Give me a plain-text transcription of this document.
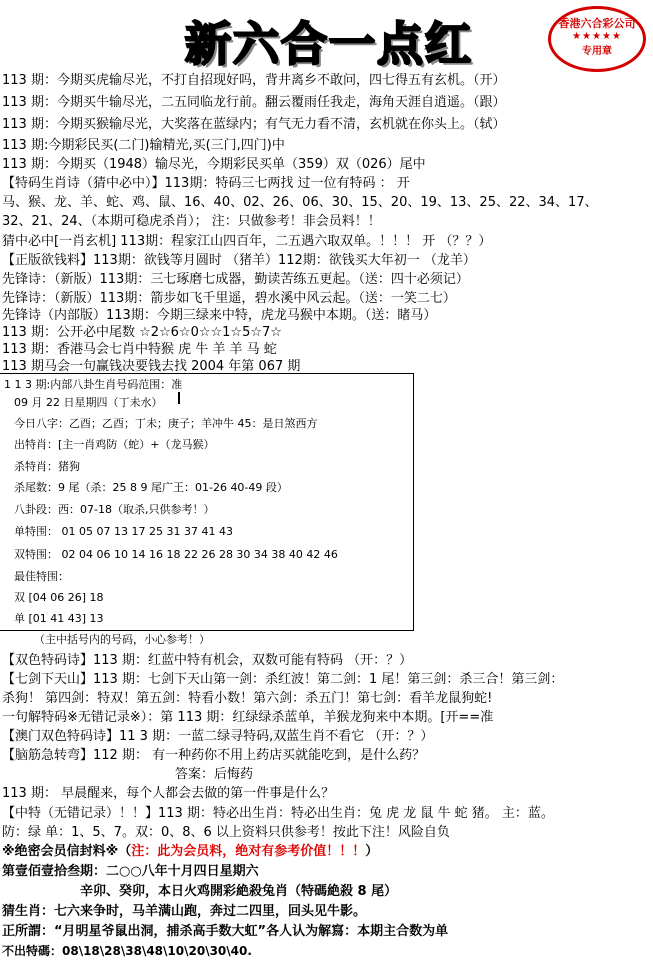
新六合一点红	香港六合彩公司
★★★★★
专用章
113 期：今期买虎输尽光，不打自招现好吗，背井离乡不敢问，四七得五有玄机。（开）
113 期：今期买牛输尽光，二五同临龙行前。翻云覆雨任我走，海角天涯自逍遥。（跟）
113 期：今期买猴输尽光，大奖落在蓝绿内；有气无力看不清，玄机就在你头上。（轼）
113 期:今期彩民买(二门)输精光,买(三门,四门)中
113 期：今期买（1948）输尽光，今期彩民买单（359）双（026）尾中
【特码生肖诗（猜中必中）】113期：特码三七两找 过一位有特码 ： 开
马、猴、龙、羊、蛇、鸡、鼠、16、40、02、26、06、30、15、20、19、13、25、22、34、17、
32、21、24、（本期可稳虎杀肖）； 注：只做参考！非会员料！！
猜中必中[一肖玄机] 113期：程家江山四百年，二五遇六取双单。！！！ 开 （？？）
【正版欲钱料】113期：欲钱等月圆时 （猪羊）112期：欲钱买大年初一 （龙羊）
先锋诗：（新版）113期：三七琢磨七成器，勤读苦练五更起。（送：四十必须记）
先锋诗：（新版）113期：箭步如飞千里遥，碧水溪中风云起。（送：一笑二七）
先锋诗（内部版）113期：今期三绿来中特，虎龙马猴中本期。（送：睹马）
113 期：公开必中尾数 ☆2☆6☆0☆☆1☆5☆7☆
113 期：香港马会七肖中特猴 虎 牛 羊 羊 马 蛇
113 期马会一句赢钱决要钱去找 2004 年第 067 期
1 1 3 期:内部八卦生肖号码范围：准
09 月 22 日星期四（丁未水）
今日八字：乙酉；乙酉；丁未；庚子；羊冲牛 45：是日煞西方
出特肖：[主一肖鸡防（蛇）+（龙马猴）
杀特肖：猪狗
杀尾数：9 尾（杀：25 8 9 尾广王：01-26 40-49 段）
八卦段：西：07-18（取杀,只供参考！）
单特围： 01 05 07 13 17 25 31 37 41 43
双特围： 02 04 06 10 14 16 18 22 26 28 30 34 38 40 42 46
最佳特围：
双 [04 06 26] 18
单 [01 41 43] 13
（主中括号内的号码，小心参考！）
【双色特码诗】113 期：红蓝中特有机会，双数可能有特码 （开：？）
【七剑下天山】113 期：七剑下天山第一剑：杀红波！第二剑：1 尾！第三剑：杀三合！第三剑：
杀狗！ 第四剑：特双！第五剑：特看小数！第六剑：杀五门！第七剑：看羊龙鼠狗蛇!
一句解特码※无错记录※）：第 113 期：红绿绿杀蓝单，羊猴龙狗来中本期。[开==准
【澳门双色特码诗】11 3 期：一蓝二绿寻特码,双蓝生肖不看它 （开：？）
【脑筋急转弯】112 期： 有一种药你不用上药店买就能吃到，是什么药？
答案：后悔药
113 期： 早晨醒来，每个人都会去做的第一件事是什么？
【中特（无错记录）！！】113 期：特必出生肖：特必出生肖：兔 虎 龙 鼠 牛 蛇 猪。 主：蓝。
防：绿 单：1、5、7。双：0、8、6 以上资料只供参考！按此下注！风险自负
※绝密会员信封料※（注：此为会员料，绝对有参考价值！！！）
第壹佰壹拾叁期：二○○八年十月四日星期六
辛卯、癸卯，本日火鸡開彩絶殺兔肖（特碼絶殺 8 尾）
猜生肖：七六来争时，马羊满山跑，奔过二四里，回头见牛影。
正所謂：“月明星爷鼠出洞，捕杀高手数大虹”各人认为解寫：本期主合数为单
不出特碼：08\18\28\38\48\10\20\30\40.
